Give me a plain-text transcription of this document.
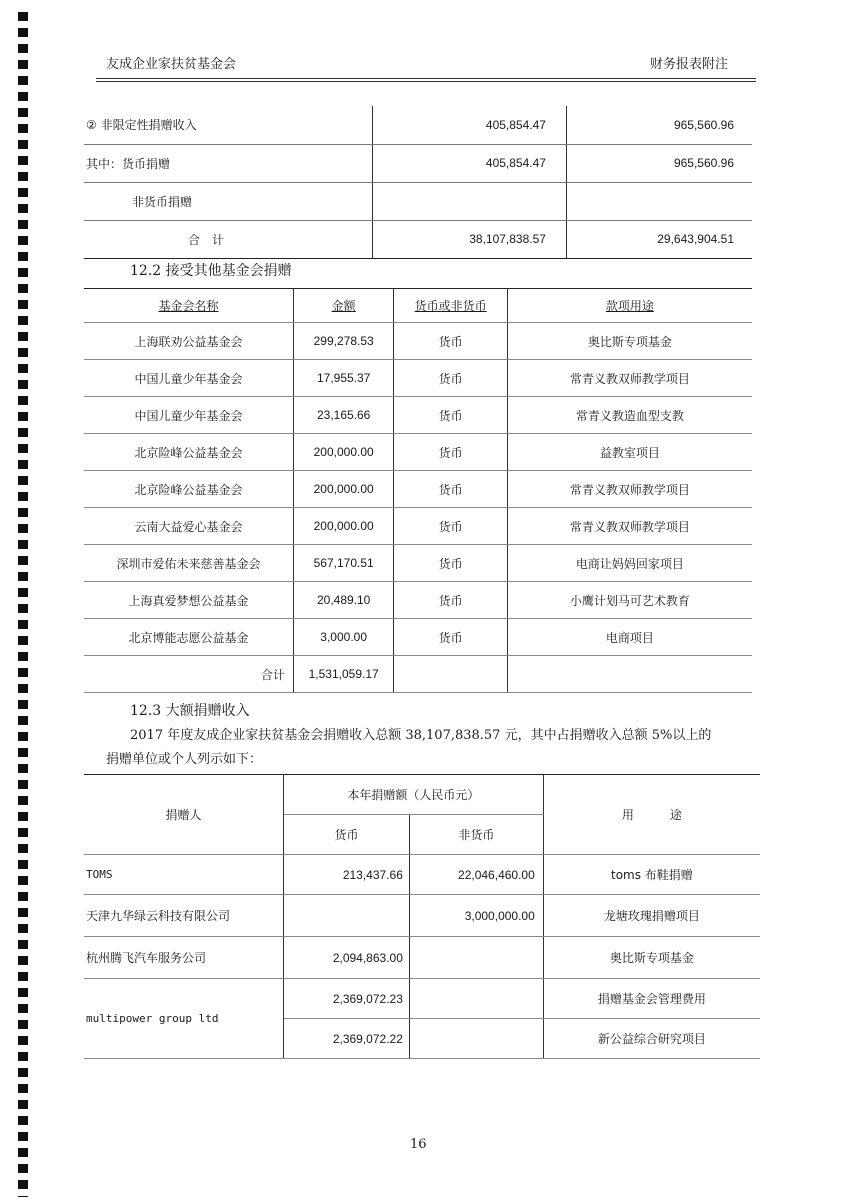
友成企业家扶贫基金会	财务报表附注
② 非限定性捐赠收入	405,854.47	965,560.96
其中：货币捐赠	405,854.47	965,560.96
非货币捐赠		
合　计	38,107,838.57	29,643,904.51
12.2 接受其他基金会捐赠
基金会名称	金额	货币或非货币	款项用途
上海联劝公益基金会	299,278.53	货币	奥比斯专项基金
中国儿童少年基金会	17,955.37	货币	常青义教双师教学项目
中国儿童少年基金会	23,165.66	货币	常青义教造血型支教
北京险峰公益基金会	200,000.00	货币	益教室项目
北京险峰公益基金会	200,000.00	货币	常青义教双师教学项目
云南大益爱心基金会	200,000.00	货币	常青义教双师教学项目
深圳市爱佑未来慈善基金会	567,170.51	货币	电商让妈妈回家项目
上海真爱梦想公益基金	20,489.10	货币	小鹰计划马可艺术教育
北京博能志愿公益基金	3,000.00	货币	电商项目
合计	1,531,059.17		
12.3 大额捐赠收入
2017 年度友成企业家扶贫基金会捐赠收入总额 38,107,838.57 元，其中占捐赠收入总额 5%以上的
捐赠单位或个人列示如下：
捐赠人	本年捐赠额（人民币元）		用　　　途
	货币	非货币	
TOMS	213,437.66	22,046,460.00	toms 布鞋捐赠
天津九华绿云科技有限公司		3,000,000.00	龙塘玫瑰捐赠项目
杭州腾飞汽车服务公司	2,094,863.00		奥比斯专项基金
multipower group ltd	2,369,072.23		捐赠基金会管理费用
	2,369,072.22		新公益综合研究项目
16
